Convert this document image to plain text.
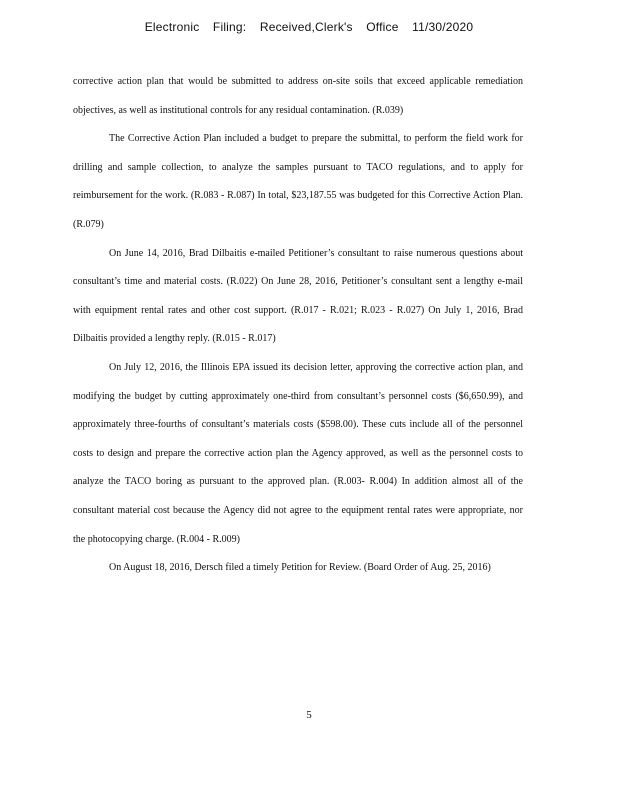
Electronic Filing: Received,Clerk's Office 11/30/2020

corrective action plan that would be submitted to address on-site soils that exceed applicable remediation objectives, as well as institutional controls for any residual contamination. (R.039)

The Corrective Action Plan included a budget to prepare the submittal, to perform the field work for drilling and sample collection, to analyze the samples pursuant to TACO regulations, and to apply for reimbursement for the work. (R.083 - R.087) In total, $23,187.55 was budgeted for this Corrective Action Plan. (R.079)

On June 14, 2016, Brad Dilbaitis e-mailed Petitioner’s consultant to raise numerous questions about consultant’s time and material costs. (R.022) On June 28, 2016, Petitioner’s consultant sent a lengthy e-mail with equipment rental rates and other cost support. (R.017 - R.021; R.023 - R.027) On July 1, 2016, Brad Dilbaitis provided a lengthy reply. (R.015 - R.017)

On July 12, 2016, the Illinois EPA issued its decision letter, approving the corrective action plan, and modifying the budget by cutting approximately one-third from consultant’s personnel costs ($6,650.99), and approximately three-fourths of consultant’s materials costs ($598.00). These cuts include all of the personnel costs to design and prepare the corrective action plan the Agency approved, as well as the personnel costs to analyze the TACO boring as pursuant to the approved plan. (R.003- R.004) In addition almost all of the consultant material cost because the Agency did not agree to the equipment rental rates were appropriate, nor the photocopying charge. (R.004 - R.009)

On August 18, 2016, Dersch filed a timely Petition for Review. (Board Order of Aug. 25, 2016)

5
